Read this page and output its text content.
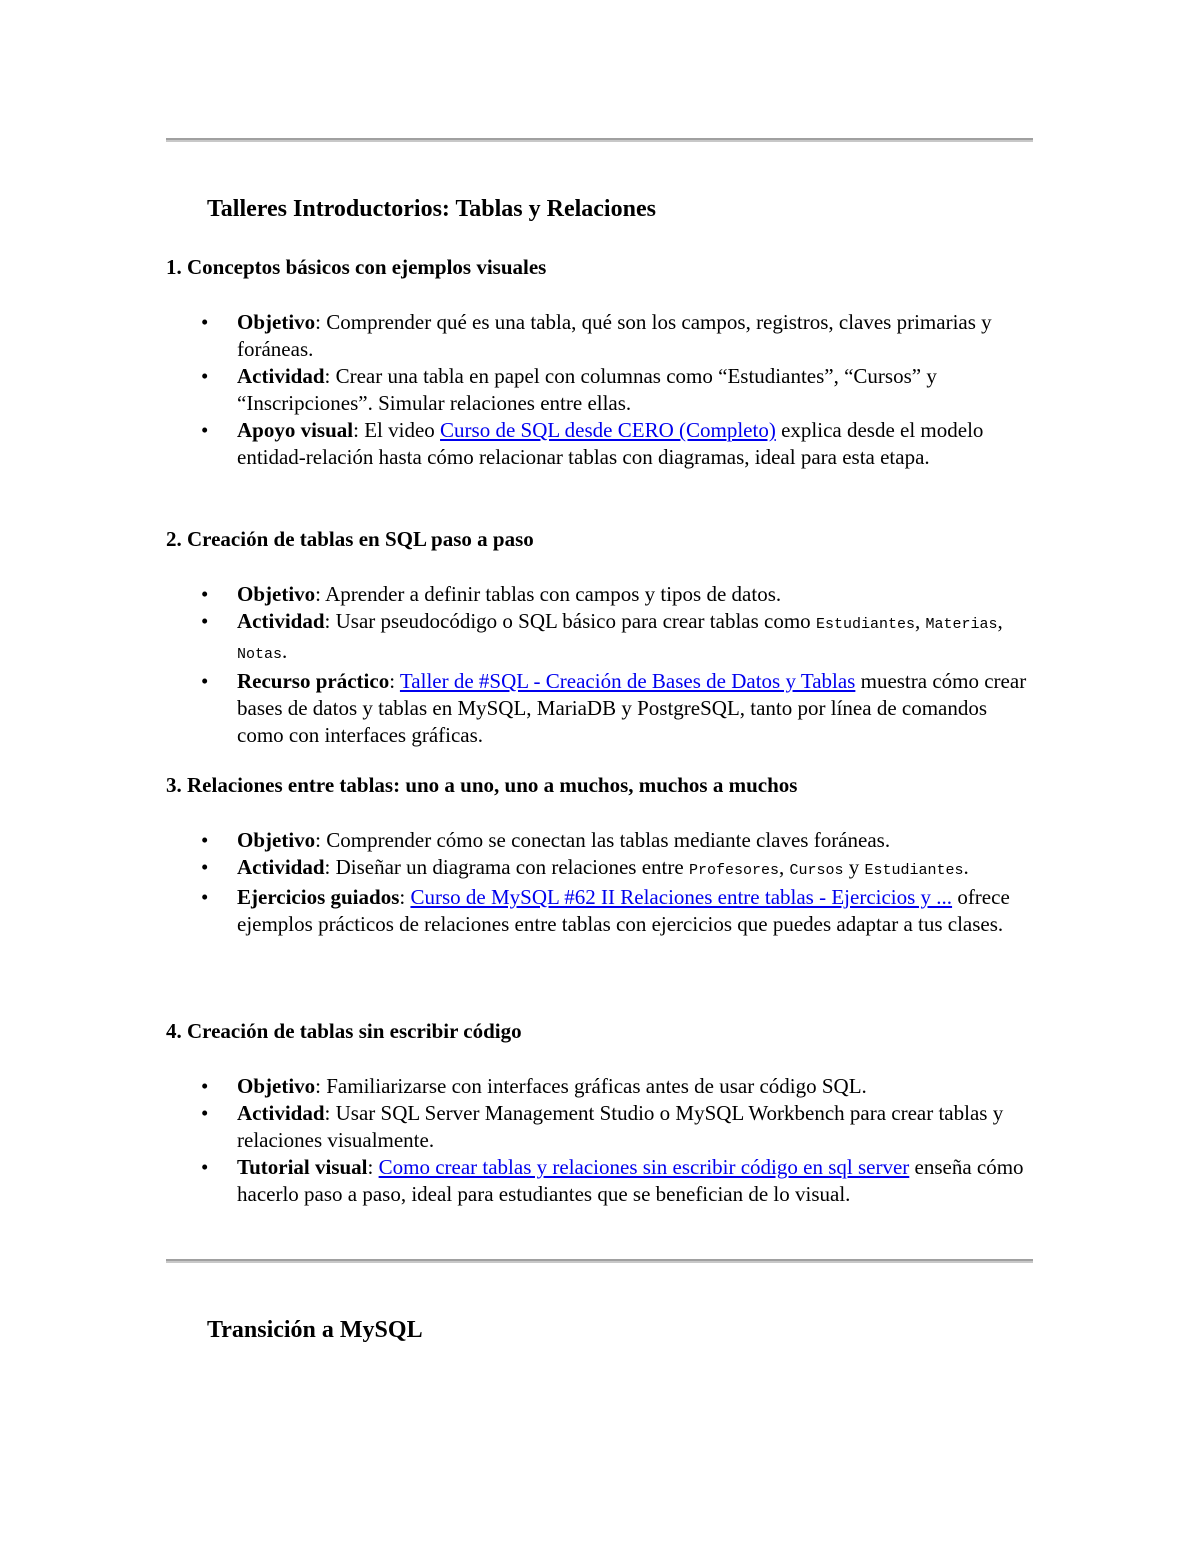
Talleres Introductorios: Tablas y Relaciones
1. Conceptos básicos con ejemplos visuales
• Objetivo: Comprender qué es una tabla, qué son los campos, registros, claves primarias y foráneas.
• Actividad: Crear una tabla en papel con columnas como “Estudiantes”, “Cursos” y “Inscripciones”. Simular relaciones entre ellas.
• Apoyo visual: El video Curso de SQL desde CERO (Completo) explica desde el modelo entidad-relación hasta cómo relacionar tablas con diagramas, ideal para esta etapa.
2. Creación de tablas en SQL paso a paso
• Objetivo: Aprender a definir tablas con campos y tipos de datos.
• Actividad: Usar pseudocódigo o SQL básico para crear tablas como Estudiantes, Materias, Notas.
• Recurso práctico: Taller de #SQL - Creación de Bases de Datos y Tablas muestra cómo crear bases de datos y tablas en MySQL, MariaDB y PostgreSQL, tanto por línea de comandos como con interfaces gráficas.
3. Relaciones entre tablas: uno a uno, uno a muchos, muchos a muchos
• Objetivo: Comprender cómo se conectan las tablas mediante claves foráneas.
• Actividad: Diseñar un diagrama con relaciones entre Profesores, Cursos y Estudiantes.
• Ejercicios guiados: Curso de MySQL #62 II Relaciones entre tablas - Ejercicios y ... ofrece ejemplos prácticos de relaciones entre tablas con ejercicios que puedes adaptar a tus clases.
4. Creación de tablas sin escribir código
• Objetivo: Familiarizarse con interfaces gráficas antes de usar código SQL.
• Actividad: Usar SQL Server Management Studio o MySQL Workbench para crear tablas y relaciones visualmente.
• Tutorial visual: Como crear tablas y relaciones sin escribir código en sql server enseña cómo hacerlo paso a paso, ideal para estudiantes que se benefician de lo visual.
Transición a MySQL
